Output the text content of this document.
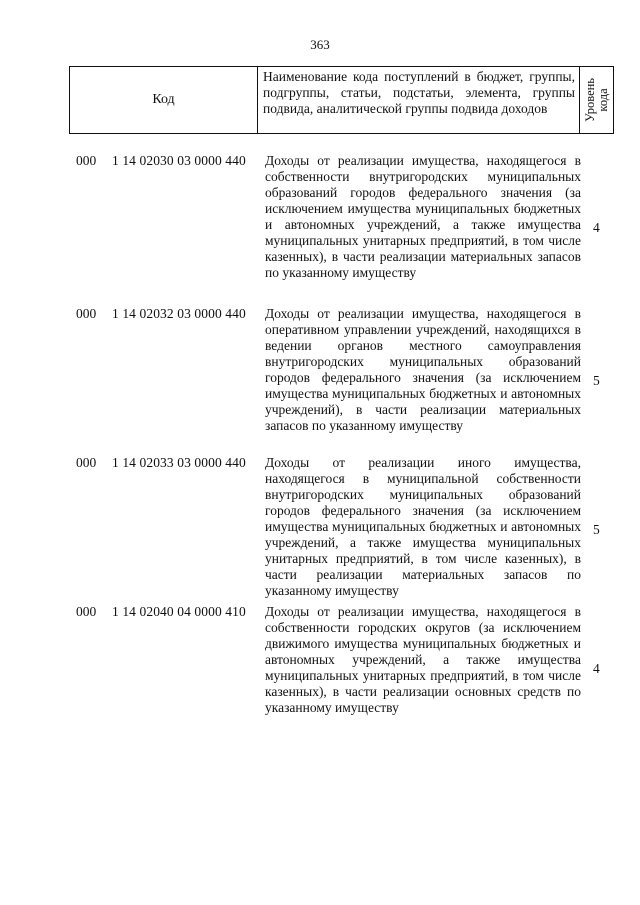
363
Код
Наименование кода поступлений в бюджет, группы, подгруппы, статьи, подстатьи, элемента, группы подвида, аналитической группы подвида доходов	Уровень
кода
000 1 14 02030 03 0000 440 Доходы от реализации имущества, находящегося в собственности внутригородских муниципальных образований городов федерального значения (за исключением имущества муниципальных бюджетных и автономных учреждений, а также имущества муниципальных унитарных предприятий, в том числе казенных), в части реализации материальных запасов по указанному имуществу
4
000 1 14 02032 03 0000 440 Доходы от реализации имущества, находящегося в оперативном управлении учреждений, находящихся в ведении органов местного самоуправления внутригородских муниципальных образований городов федерального значения (за исключением имущества муниципальных бюджетных и автономных учреждений), в части реализации материальных запасов по указанному имуществу
5
000 1 14 02033 03 0000 440 Доходы от реализации иного имущества, находящегося в муниципальной собственности внутригородских муниципальных образований городов федерального значения (за исключением имущества муниципальных бюджетных и автономных учреждений, а также имущества муниципальных унитарных предприятий, в том числе казенных), в части реализации материальных запасов по указанному имуществу
5
000 1 14 02040 04 0000 410 Доходы от реализации имущества, находящегося в собственности городских округов (за исключением движимого имущества муниципальных бюджетных и автономных учреждений, а также имущества муниципальных унитарных предприятий, в том числе казенных), в части реализации основных средств по указанному имуществу
4
